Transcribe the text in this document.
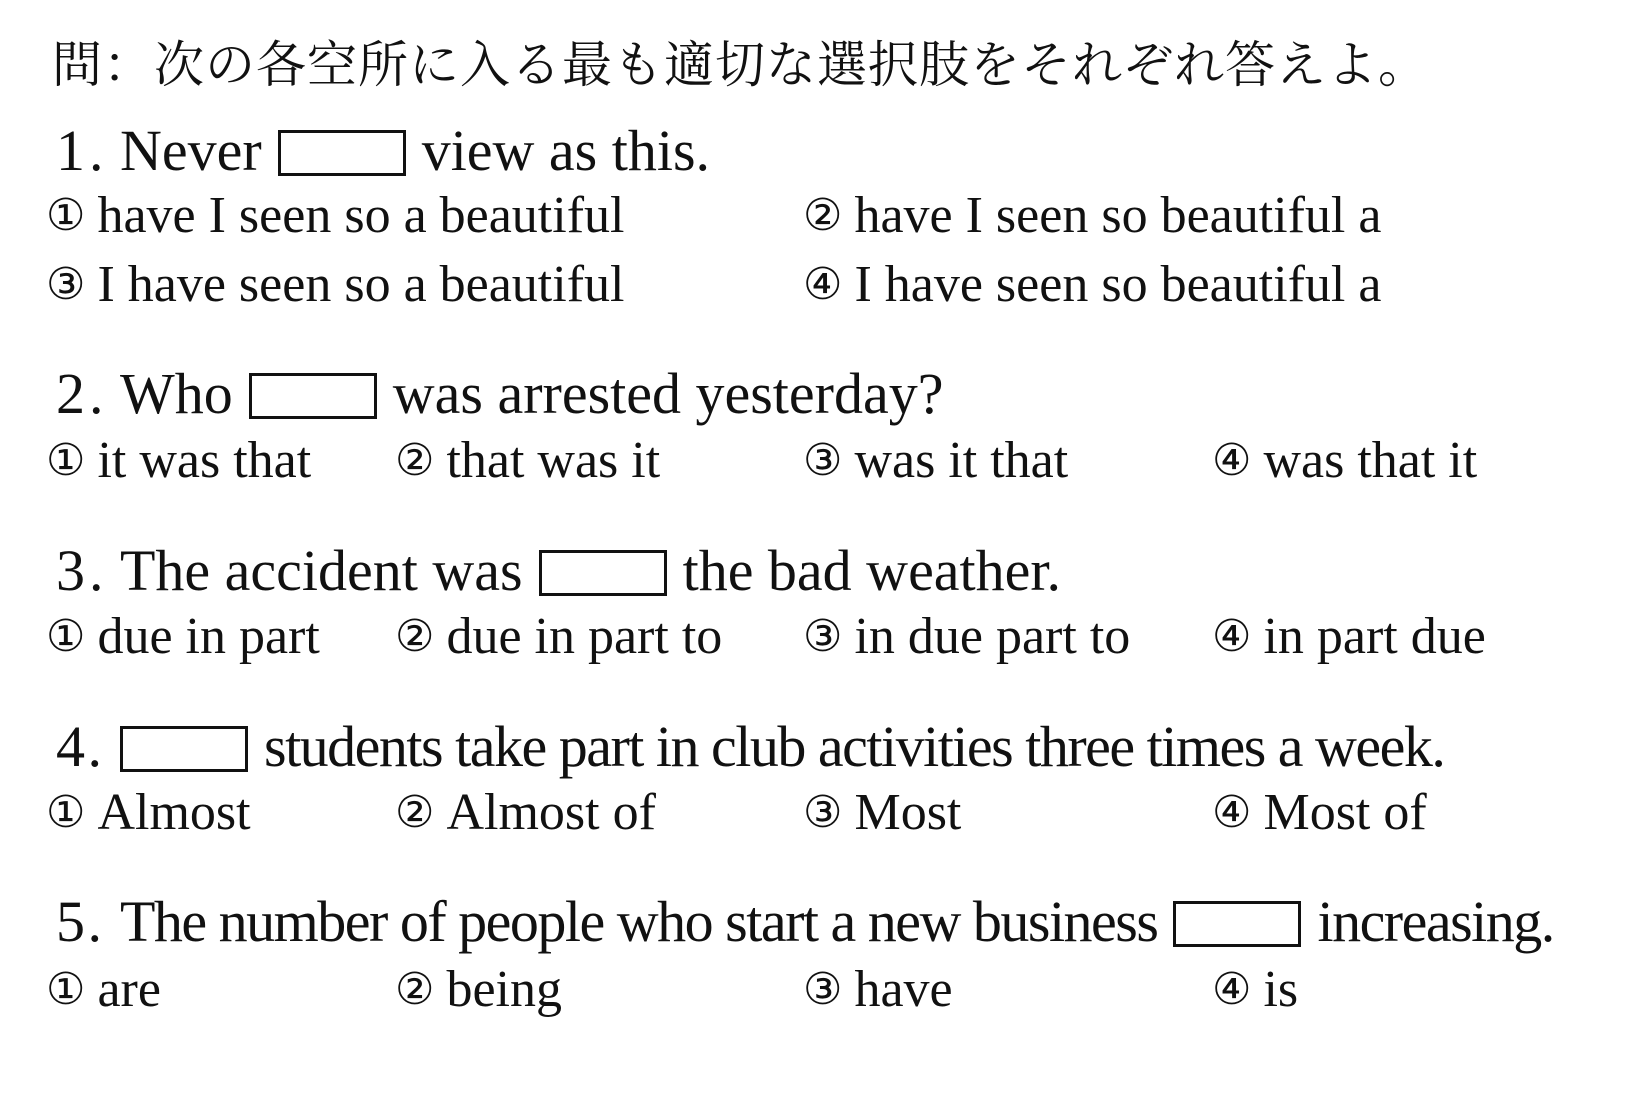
問：次の各空所に入る最も適切な選択肢をそれぞれ答えよ。
1. Never	view as this.
① have I seen so a beautiful	② have I seen so beautiful a
③ I have seen so a beautiful	④ I have seen so beautiful a
2. Who	was arrested yesterday?
① it was that ② that was it	③ was it that	④ was that it
3. The accident was	the bad weather.
① due in part ② due in part to ③ in due part to ④ in part due
4.	students take part in club activities three times a week.
① Almost	② Almost of	③ Most	④ Most of
5. The number of people who start a new business	increasing.
① are	② being	③ have	④ is
